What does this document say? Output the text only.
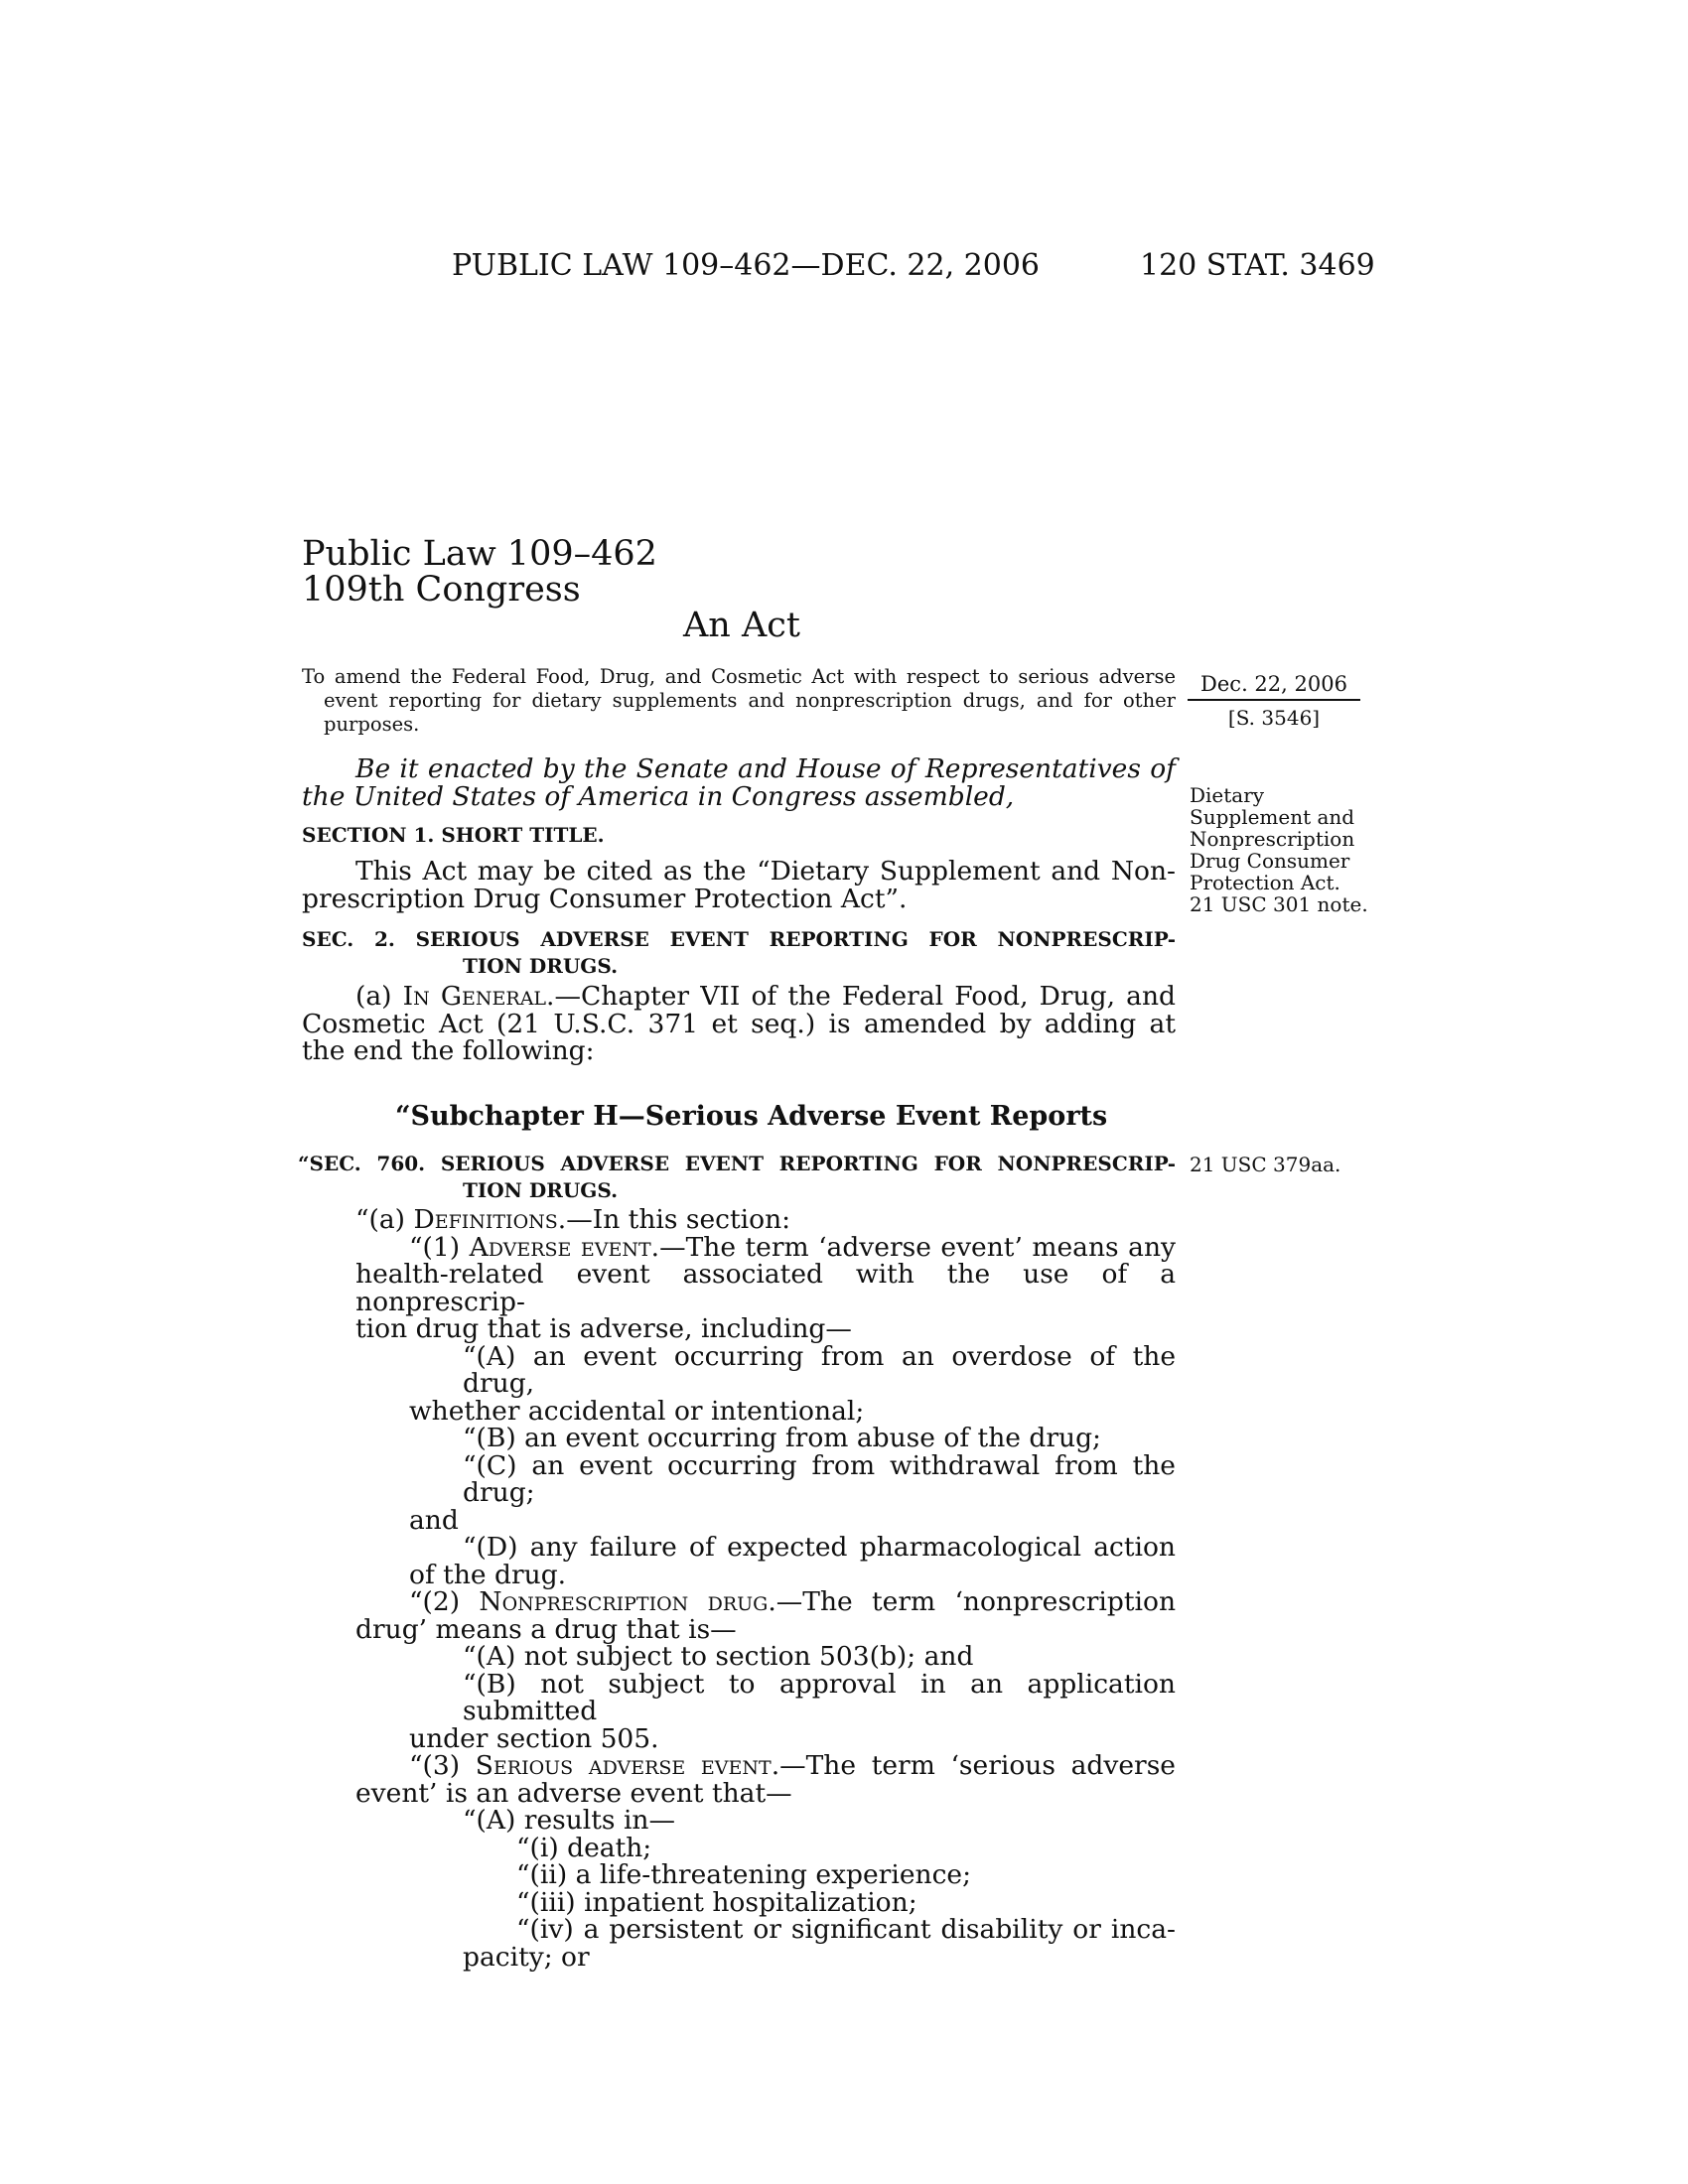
PUBLIC LAW 109–462—DEC. 22, 2006	120 STAT. 3469
Public Law 109–462
109th Congress
An Act
To amend the Federal Food, Drug, and Cosmetic Act with respect to serious adverse
event reporting for dietary supplements and nonprescription drugs, and for other
purposes.
Dec. 22, 2006
[S. 3546]
Be it enacted by the Senate and House of Representatives of
the United States of America in Congress assembled,	Dietary
Supplement and
Nonprescription
Drug Consumer
Protection Act.
21 USC 301 note.
SECTION 1. SHORT TITLE.
This Act may be cited as the “Dietary Supplement and Non-
prescription Drug Consumer Protection Act”.
SEC. 2. SERIOUS ADVERSE EVENT REPORTING FOR NONPRESCRIP-
TION DRUGS.
(a) In General.—Chapter VII of the Federal Food, Drug, and
Cosmetic Act (21 U.S.C. 371 et seq.) is amended by adding at
the end the following:
“Subchapter H—Serious Adverse Event Reports
“SEC. 760. SERIOUS ADVERSE EVENT REPORTING FOR NONPRESCRIP-
TION DRUGS.
21 USC 379aa.
“(a) Definitions.—In this section:
“(1) Adverse event.—The term ‘adverse event’ means any
health-related event associated with the use of a nonprescrip-
tion drug that is adverse, including—
“(A) an event occurring from an overdose of the drug,
whether accidental or intentional;
“(B) an event occurring from abuse of the drug;
“(C) an event occurring from withdrawal from the drug;
and
“(D) any failure of expected pharmacological action
of the drug.
“(2) Nonprescription drug.—The term ‘nonprescription
drug’ means a drug that is—
“(A) not subject to section 503(b); and
“(B) not subject to approval in an application submitted
under section 505.
“(3) Serious adverse event.—The term ‘serious adverse
event’ is an adverse event that—
“(A) results in—
“(i) death;
“(ii) a life-threatening experience;
“(iii) inpatient hospitalization;
“(iv) a persistent or significant disability or inca-
pacity; or
